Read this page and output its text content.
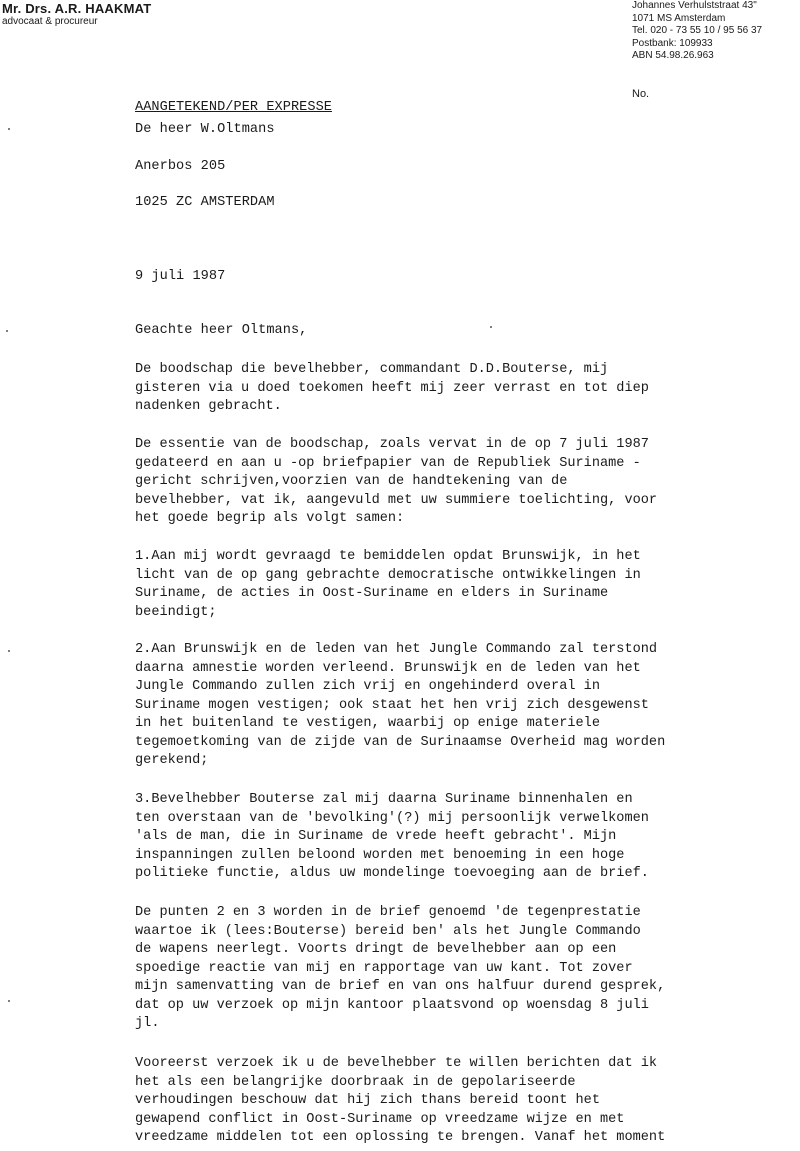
Mr. Drs. A.R. HAAKMAT
advocaat & procureur
Johannes Verhulststraat 43"
1071 MS Amsterdam
Tel. 020 - 73 55 10 / 95 56 37
Postbank: 109933
ABN 54.98.26.963
No.
AANGETEKEND/PER EXPRESSE
De heer W.Oltmans
Anerbos 205
1025 ZC AMSTERDAM
9 juli 1987
Geachte heer Oltmans,
De boodschap die bevelhebber, commandant D.D.Bouterse, mij
gisteren via u doed toekomen heeft mij zeer verrast en tot diep
nadenken gebracht.
De essentie van de boodschap, zoals vervat in de op 7 juli 1987
gedateerd en aan u -op briefpapier van de Republiek Suriname -
gericht schrijven,voorzien van de handtekening van de
bevelhebber, vat ik, aangevuld met uw summiere toelichting, voor
het goede begrip als volgt samen:
1.Aan mij wordt gevraagd te bemiddelen opdat Brunswijk, in het
licht van de op gang gebrachte democratische ontwikkelingen in
Suriname, de acties in Oost-Suriname en elders in Suriname
beeindigt;
2.Aan Brunswijk en de leden van het Jungle Commando zal terstond
daarna amnestie worden verleend. Brunswijk en de leden van het
Jungle Commando zullen zich vrij en ongehinderd overal in
Suriname mogen vestigen; ook staat het hen vrij zich desgewenst
in het buitenland te vestigen, waarbij op enige materiele
tegemoetkoming van de zijde van de Surinaamse Overheid mag worden
gerekend;
3.Bevelhebber Bouterse zal mij daarna Suriname binnenhalen en
ten overstaan van de 'bevolking'(?) mij persoonlijk verwelkomen
'als de man, die in Suriname de vrede heeft gebracht'. Mijn
inspanningen zullen beloond worden met benoeming in een hoge
politieke functie, aldus uw mondelinge toevoeging aan de brief.
De punten 2 en 3 worden in de brief genoemd 'de tegenprestatie
waartoe ik (lees:Bouterse) bereid ben' als het Jungle Commando
de wapens neerlegt. Voorts dringt de bevelhebber aan op een
spoedige reactie van mij en rapportage van uw kant. Tot zover
mijn samenvatting van de brief en van ons halfuur durend gesprek,
dat op uw verzoek op mijn kantoor plaatsvond op woensdag 8 juli
jl.
Vooreerst verzoek ik u de bevelhebber te willen berichten dat ik
het als een belangrijke doorbraak in de gepolariseerde
verhoudingen beschouw dat hij zich thans bereid toont het
gewapend conflict in Oost-Suriname op vreedzame wijze en met
vreedzame middelen tot een oplossing te brengen. Vanaf het moment
